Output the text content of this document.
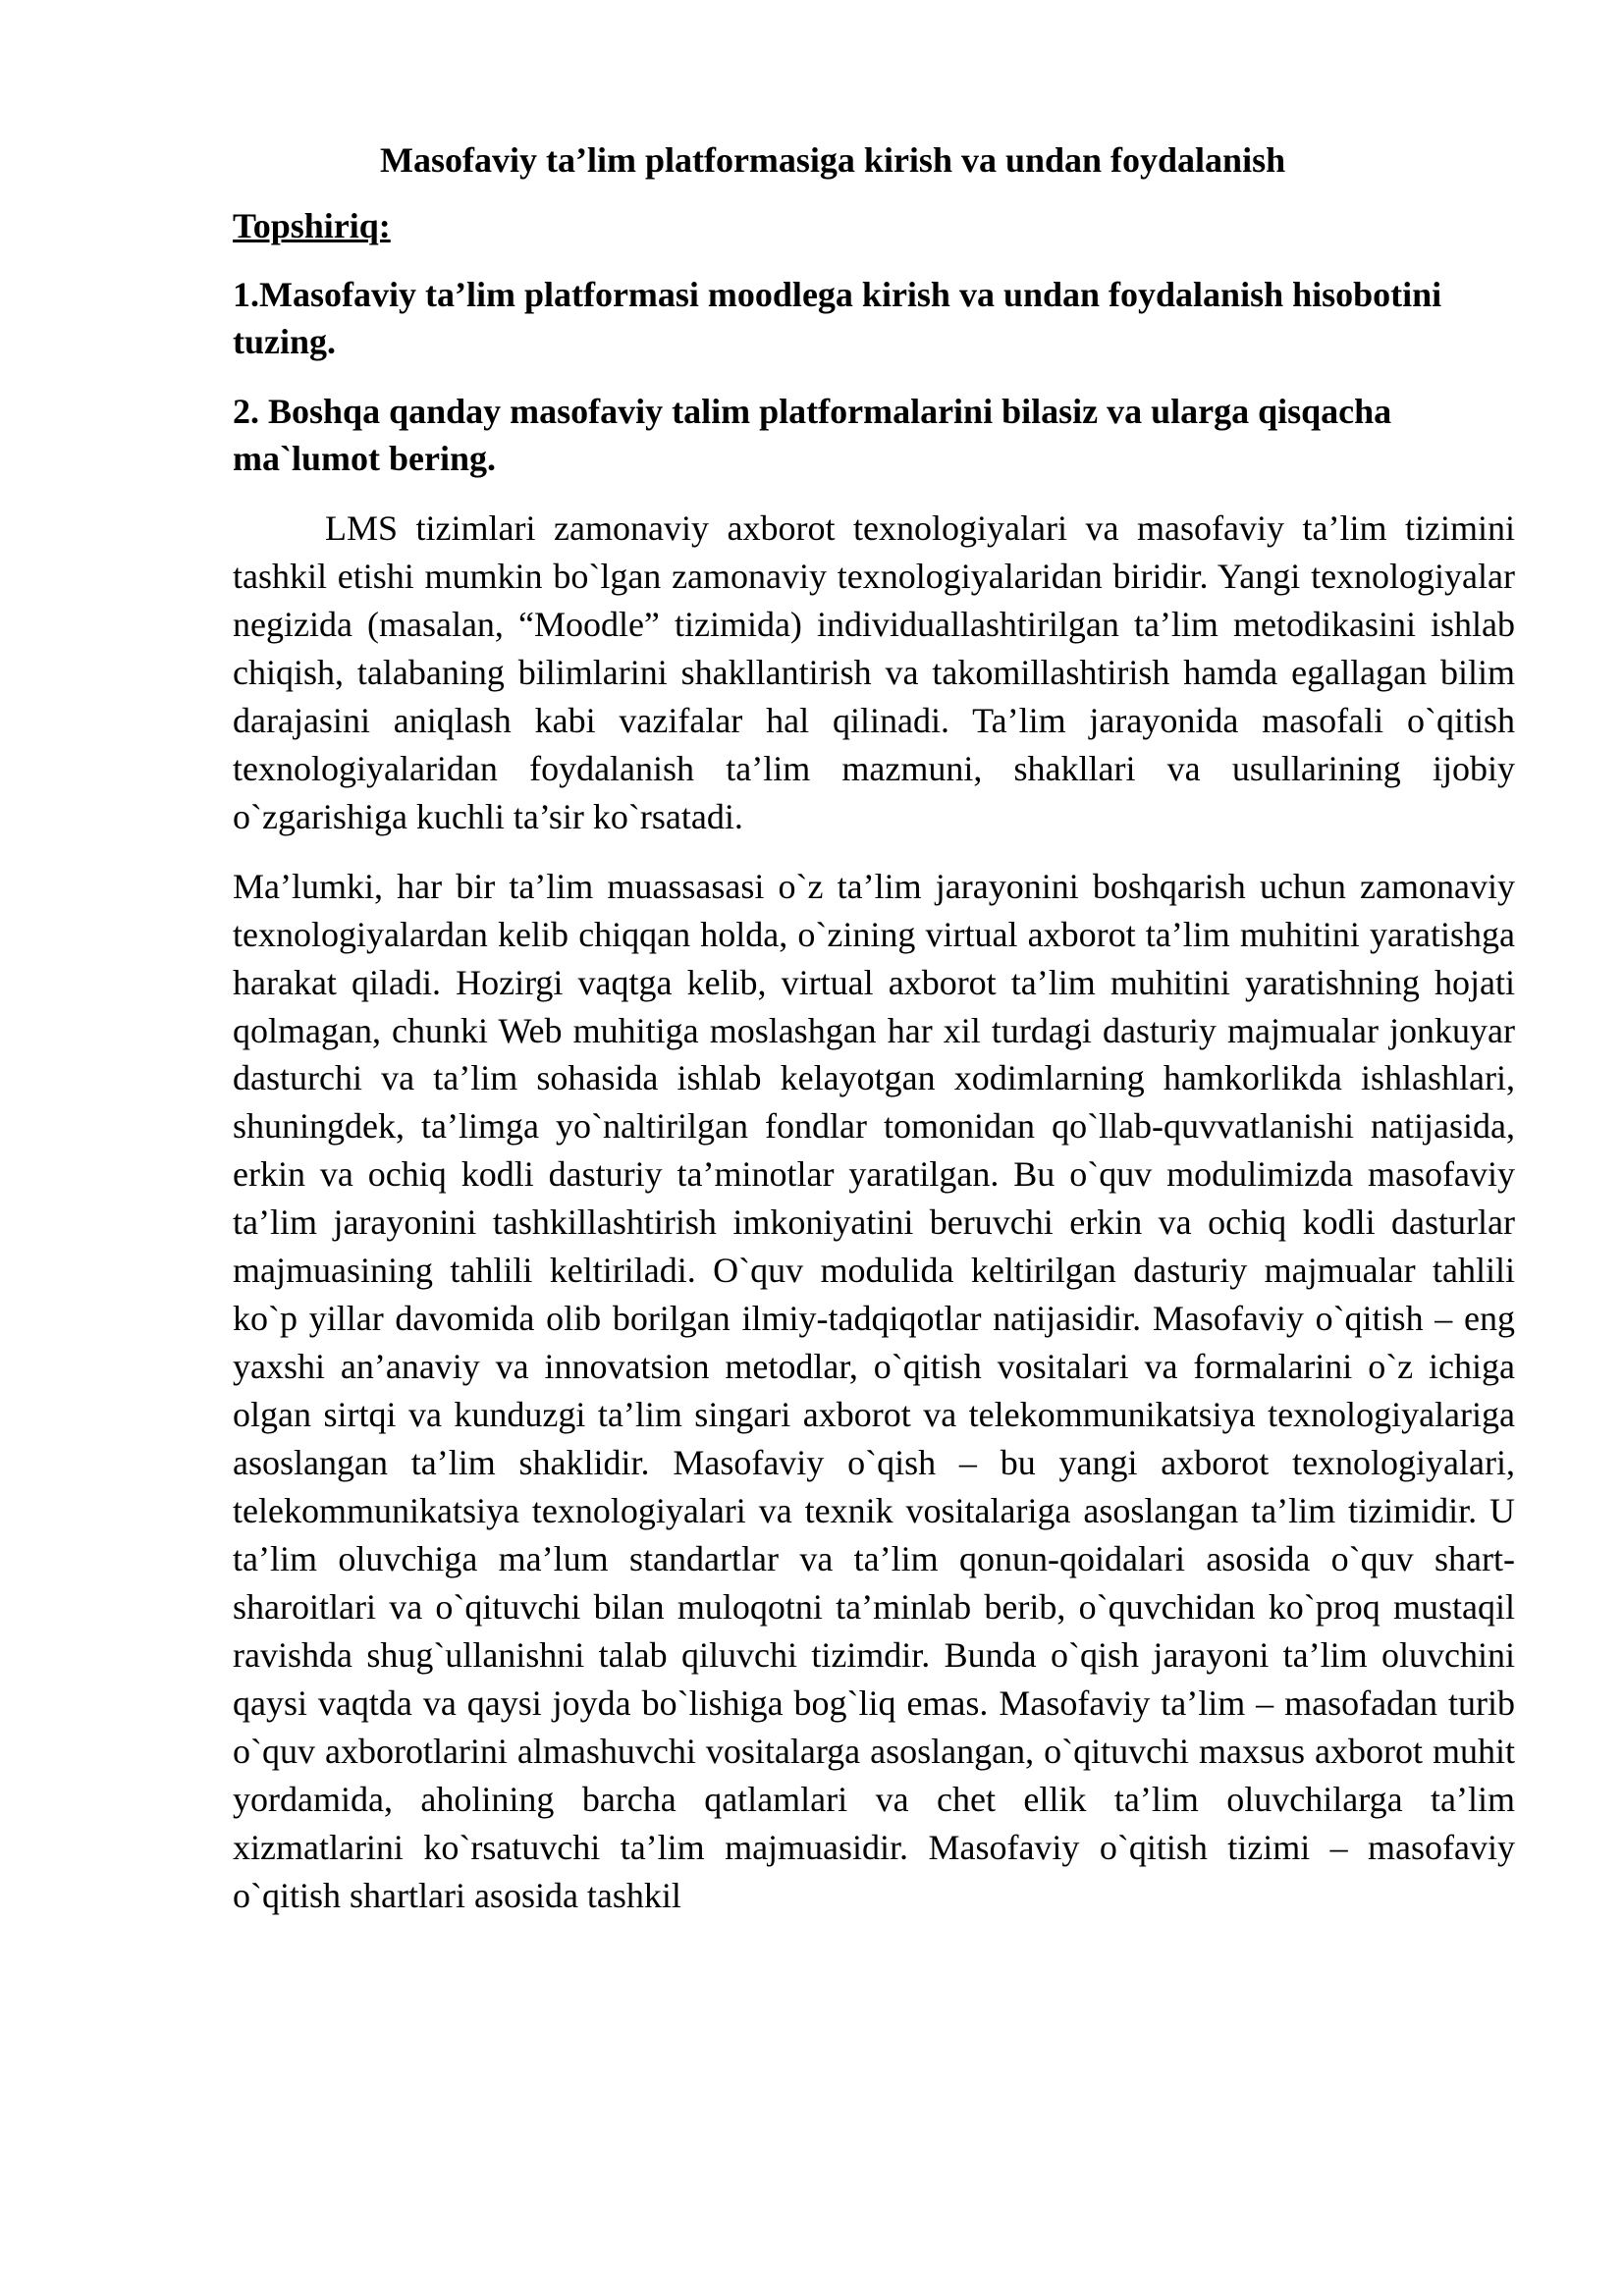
Masofaviy ta’lim platformasiga kirish va undan foydalanish

Topshiriq:

1.Masofaviy ta’lim platformasi moodlega kirish va undan foydalanish hisobotini tuzing.

2. Boshqa qanday masofaviy talim platformalarini bilasiz va ularga qisqacha ma`lumot bering.

LMS tizimlari zamonaviy axborot texnologiyalari va masofaviy ta’lim tizimini tashkil etishi mumkin bo`lgan zamonaviy texnologiyalaridan biridir. Yangi texnologiyalar negizida (masalan, “Moodle” tizimida) individuallashtirilgan ta’lim metodikasini ishlab chiqish, talabaning bilimlarini shakllantirish va takomillashtirish hamda egallagan bilim darajasini aniqlash kabi vazifalar hal qilinadi. Ta’lim jarayonida masofali o`qitish texnologiyalaridan foydalanish ta’lim mazmuni, shakllari va usullarining ijobiy o`zgarishiga kuchli ta’sir ko`rsatadi.

Ma’lumki, har bir ta’lim muassasasi o`z ta’lim jarayonini boshqarish uchun zamonaviy texnologiyalardan kelib chiqqan holda, o`zining virtual axborot ta’lim muhitini yaratishga harakat qiladi. Hozirgi vaqtga kelib, virtual axborot ta’lim muhitini yaratishning hojati qolmagan, chunki Web muhitiga moslashgan har xil turdagi dasturiy majmualar jonkuyar dasturchi va ta’lim sohasida ishlab kelayotgan xodimlarning hamkorlikda ishlashlari, shuningdek, ta’limga yo`naltirilgan fondlar tomonidan qo`llab-quvvatlanishi natijasida, erkin va ochiq kodli dasturiy ta’minotlar yaratilgan. Bu o`quv modulimizda masofaviy ta’lim jarayonini tashkillashtirish imkoniyatini beruvchi erkin va ochiq kodli dasturlar majmuasining tahlili keltiriladi. O`quv modulida keltirilgan dasturiy majmualar tahlili ko`p yillar davomida olib borilgan ilmiy-tadqiqotlar natijasidir. Masofaviy o`qitish – eng yaxshi an’anaviy va innovatsion metodlar, o`qitish vositalari va formalarini o`z ichiga olgan sirtqi va kunduzgi ta’lim singari axborot va telekommunikatsiya texnologiyalariga asoslangan ta’lim shaklidir. Masofaviy o`qish – bu yangi axborot texnologiyalari, telekommunikatsiya texnologiyalari va texnik vositalariga asoslangan ta’lim tizimidir. U ta’lim oluvchiga ma’lum standartlar va ta’lim qonun-qoidalari asosida o`quv shart-sharoitlari va o`qituvchi bilan muloqotni ta’minlab berib, o`quvchidan ko`proq mustaqil ravishda shug`ullanishni talab qiluvchi tizimdir. Bunda o`qish jarayoni ta’lim oluvchini qaysi vaqtda va qaysi joyda bo`lishiga bog`liq emas. Masofaviy ta’lim – masofadan turib o`quv axborotlarini almashuvchi vositalarga asoslangan, o`qituvchi maxsus axborot muhit yordamida, aholining barcha qatlamlari va chet ellik ta’lim oluvchilarga ta’lim xizmatlarini ko`rsatuvchi ta’lim majmuasidir. Masofaviy o`qitish tizimi – masofaviy o`qitish shartlari asosida tashkil
